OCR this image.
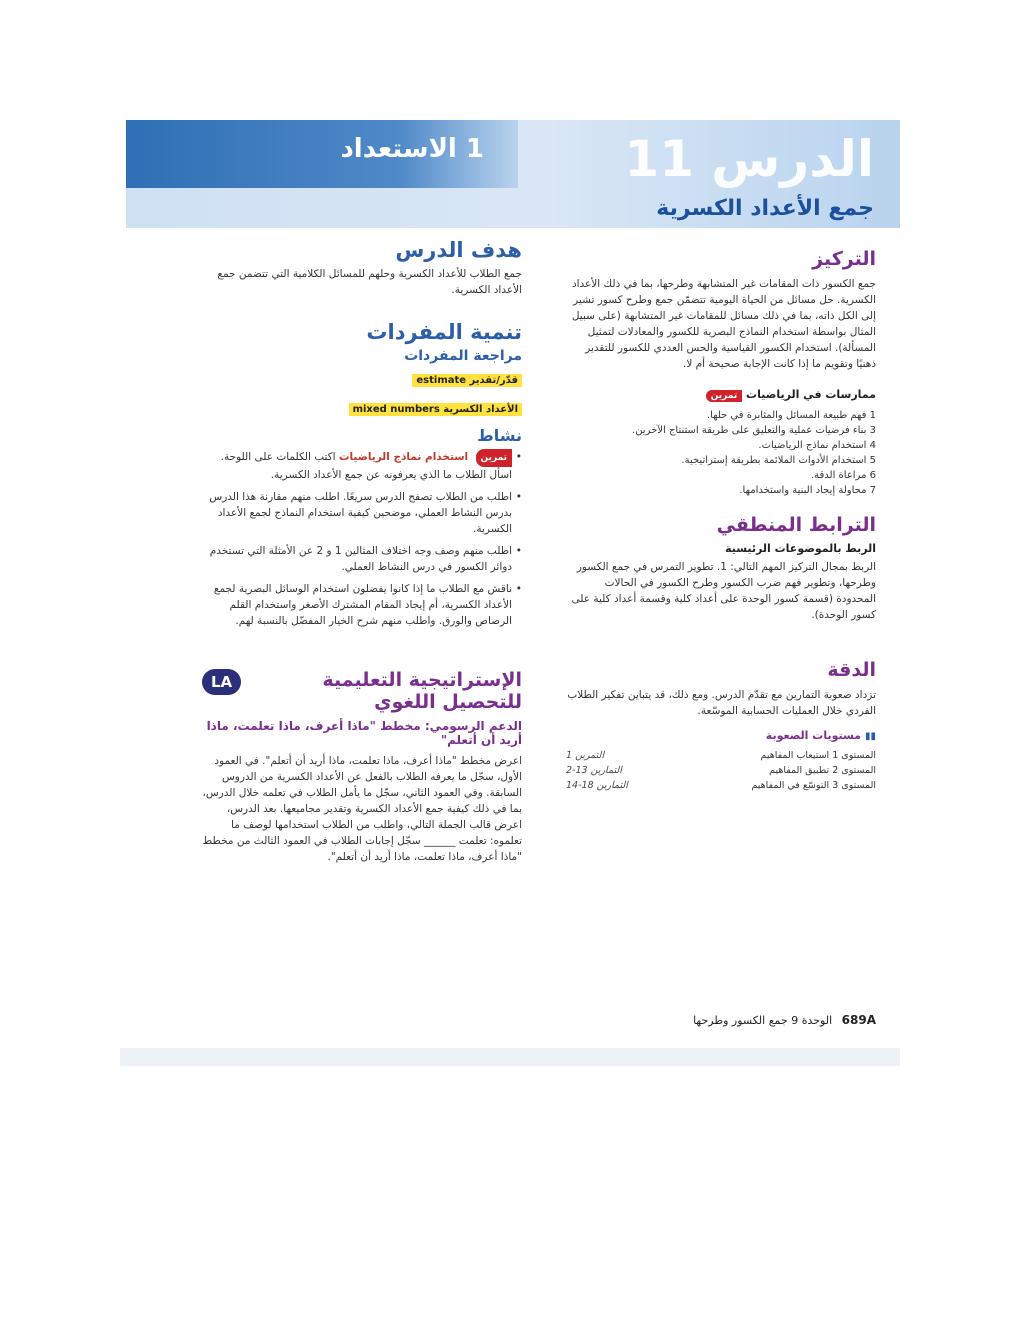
1 الاستعداد	الدرس 11
جمع الأعداد الكسرية
هدف الدرس

جمع الطلاب للأعداد الكسرية وحلهم للمسائل الكلامية التي تتضمن جمع الأعداد الكسرية.

تنمية المفردات
مراجعة المفردات
قدّر/تقدير estimate
الأعداد الكسرية mixed numbers
نشاط

• تمرين استخدام نماذج الرياضيات اكتب الكلمات على اللوحة. اسأل الطلاب ما الذي يعرفونه عن جمع الأعداد الكسرية.

• اطلب من الطلاب تصفح الدرس سريعًا. اطلب منهم مقارنة هذا الدرس بدرس النشاط العملي، موضحين كيفية استخدام النماذج لجمع الأعداد الكسرية.

• اطلب منهم وصف وجه اختلاف المثالين 1 و 2 عن الأمثلة التي تستخدم دوائر الكسور في درس النشاط العملي.

• ناقش مع الطلاب ما إذا كانوا يفضلون استخدام الوسائل البصرية لجمع الأعداد الكسرية، أم إيجاد المقام المشترك الأصغر واستخدام القلم الرصاص والورق. واطلب منهم شرح الخيار المفضّل بالنسبة لهم.

الإستراتيجية التعليمية للتحصيل اللغوي
LA
الدعم الرسومي: مخطط "ماذا أعرف، ماذا تعلمت، ماذا أريد أن أتعلم"

اعرض مخطط "ماذا أعرف، ماذا تعلمت، ماذا أريد أن أتعلم". في العمود الأول، سجّل ما يعرفه الطلاب بالفعل عن الأعداد الكسرية من الدروس السابقة. وفي العمود الثاني، سجّل ما يأمل الطلاب في تعلمه خلال الدرس، بما في ذلك كيفية جمع الأعداد الكسرية وتقدير مجاميعها. بعد الدرس، اعرض قالب الجملة التالي، واطلب من الطلاب استخدامها لوصف ما تعلموه: تعلمت ______ سجّل إجابات الطلاب في العمود الثالث من مخطط "ماذا أعرف، ماذا تعلمت، ماذا أريد أن أتعلم".

التركيز

جمع الكسور ذات المقامات غير المتشابهة وطرحها، بما في ذلك الأعداد الكسرية. حل مسائل من الحياة اليومية تتضمّن جمع وطرح كسور تشير إلى الكل ذاته، بما في ذلك مسائل للمقامات غير المتشابهة (على سبيل المثال بواسطة استخدام النماذج البصرية للكسور والمعادلات لتمثيل المسألة). استخدام الكسور القياسية والحس العددي للكسور للتقدير ذهنيًا وتقويم ما إذا كانت الإجابة صحيحة أم لا.

ممارسات في الرياضيات تمرين

1 فهم طبيعة المسائل والمثابرة في حلها.

3 بناء فرضيات عملية والتعليق على طريقة استنتاج الآخرين.

4 استخدام نماذج الرياضيات.

5 استخدام الأدوات الملائمة بطريقة إستراتيجية.

6 مراعاة الدقة.

7 محاولة إيجاد البنية واستخدامها.

الترابط المنطقي
الربط بالموضوعات الرئيسية

الربط بمجال التركيز المهم التالي: 1. تطوير التمرس في جمع الكسور وطرحها، وتطوير فهم ضرب الكسور وطرح الكسور في الحالات المحدودة (قسمة كسور الوحدة على أعداد كلية وقسمة أعداد كلية على كسور الوحدة).

الدقة

تزداد صعوبة التمارين مع تقدّم الدرس. ومع ذلك، قد يتباين تفكير الطلاب الفردي خلال العمليات الحسابية الموسّعة.

▮▮مستويات الصعوبة
المستوى 1 استيعاب المفاهيم
التمرين 1
المستوى 2 تطبيق المفاهيم
التمارين 13-2
المستوى 3 التوسّع في المفاهيم
التمارين 18-14
689A الوحدة 9 جمع الكسور وطرحها
